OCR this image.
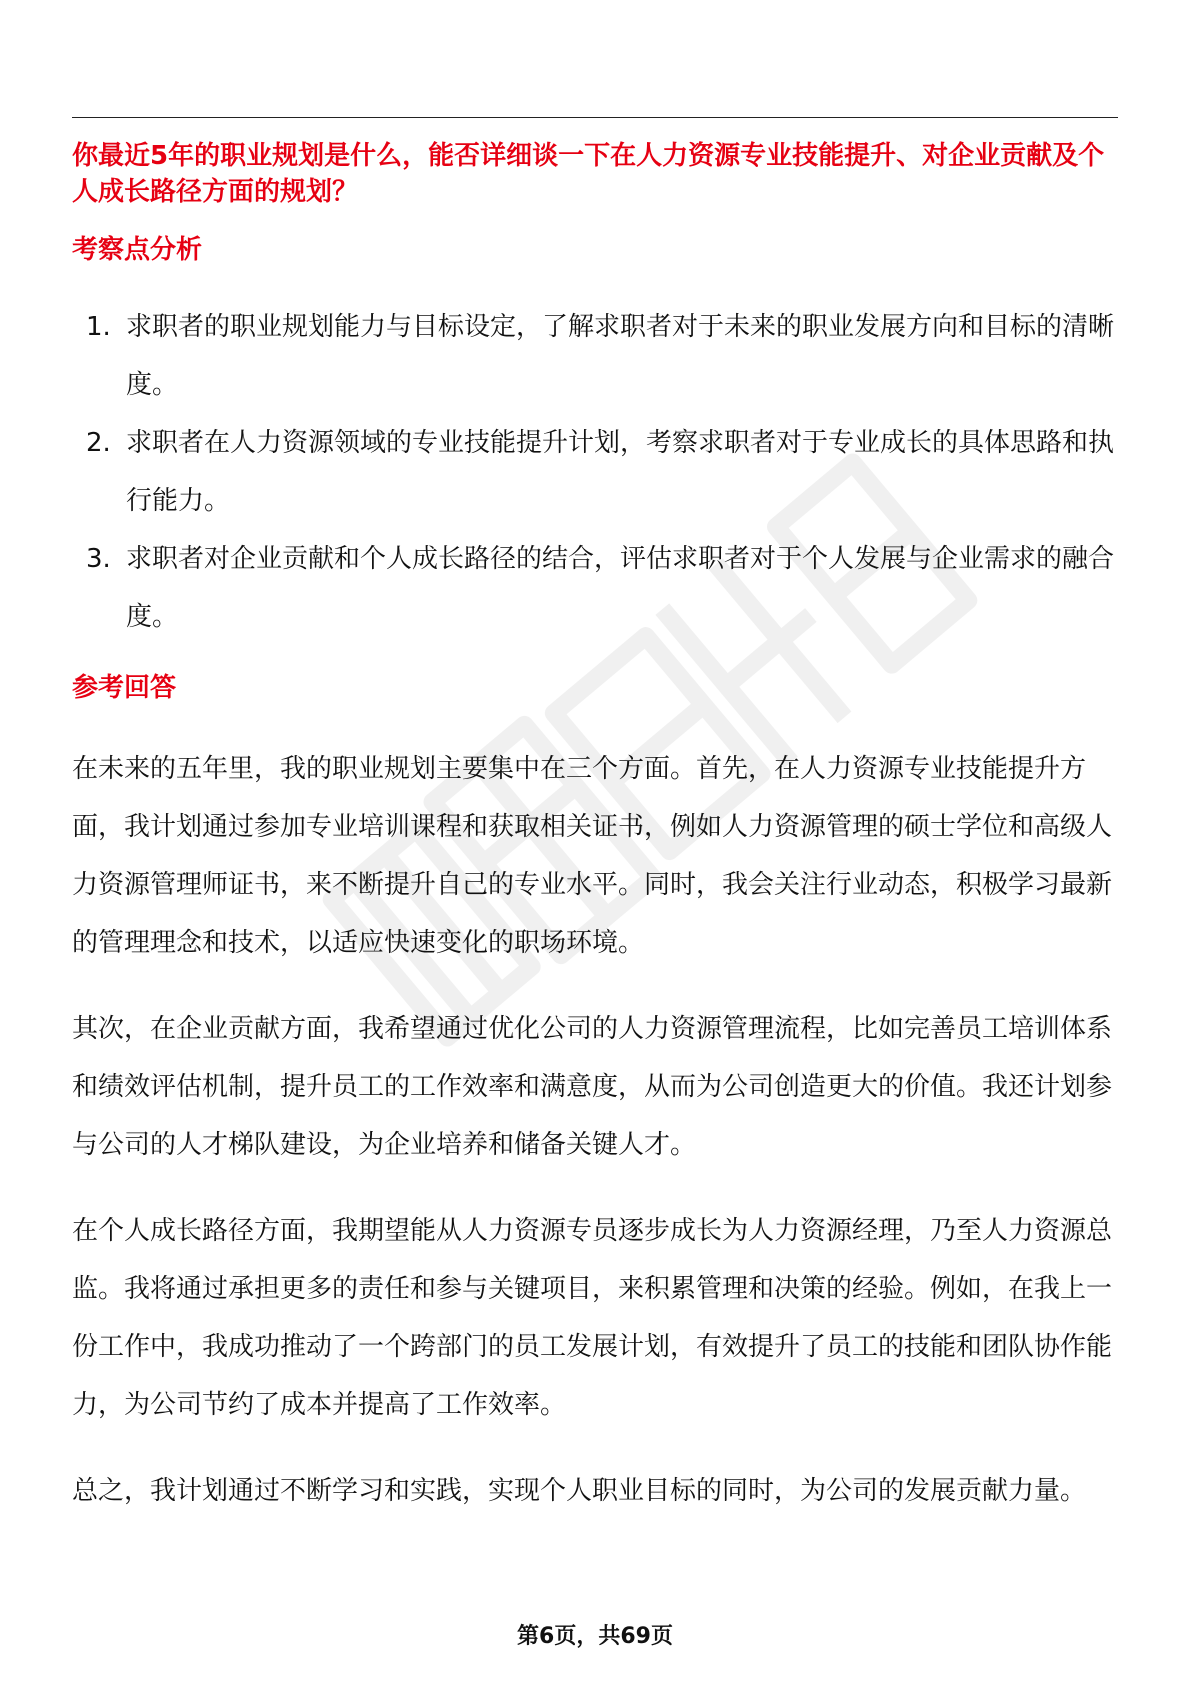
你最近5年的职业规划是什么，能否详细谈一下在人力资源专业技能提升、对企业贡献及个人成长路径方面的规划？
考察点分析
1. 求职者的职业规划能力与目标设定，了解求职者对于未来的职业发展方向和目标的清晰度。
2. 求职者在人力资源领域的专业技能提升计划，考察求职者对于专业成长的具体思路和执行能力。
3. 求职者对企业贡献和个人成长路径的结合，评估求职者对于个人发展与企业需求的融合度。
参考回答

在未来的五年里，我的职业规划主要集中在三个方面。首先，在人力资源专业技能提升方面，我计划通过参加专业培训课程和获取相关证书，例如人力资源管理的硕士学位和高级人力资源管理师证书，来不断提升自己的专业水平。同时，我会关注行业动态，积极学习最新的管理理念和技术，以适应快速变化的职场环境。

其次，在企业贡献方面，我希望通过优化公司的人力资源管理流程，比如完善员工培训体系和绩效评估机制，提升员工的工作效率和满意度，从而为公司创造更大的价值。我还计划参与公司的人才梯队建设，为企业培养和储备关键人才。

在个人成长路径方面，我期望能从人力资源专员逐步成长为人力资源经理，乃至人力资源总监。我将通过承担更多的责任和参与关键项目，来积累管理和决策的经验。例如，在我上一份工作中，我成功推动了一个跨部门的员工发展计划，有效提升了员工的技能和团队协作能力，为公司节约了成本并提高了工作效率。

总之，我计划通过不断学习和实践，实现个人职业目标的同时，为公司的发展贡献力量。

第6页，共69页
